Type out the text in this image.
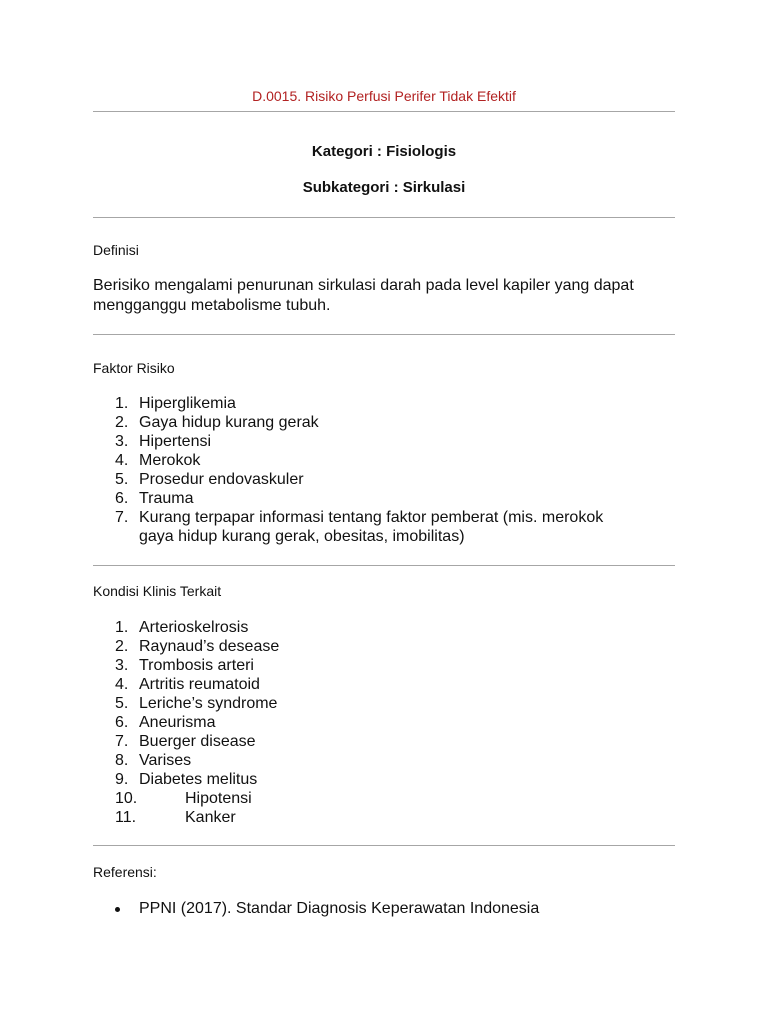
D.0015. Risiko Perfusi Perifer Tidak Efektif
Kategori : Fisiologis
Subkategori : Sirkulasi
Definisi
Berisiko mengalami penurunan sirkulasi darah pada level kapiler yang dapat mengganggu metabolisme tubuh.
Faktor Risiko
1. Hiperglikemia
2. Gaya hidup kurang gerak
3. Hipertensi
4. Merokok
5. Prosedur endovaskuler
6. Trauma
7. Kurang terpapar informasi tentang faktor pemberat (mis. merokok gaya hidup kurang gerak, obesitas, imobilitas)
Kondisi Klinis Terkait
1. Arterioskelrosis
2. Raynaud’s desease
3. Trombosis arteri
4. Artritis reumatoid
5. Leriche’s syndrome
6. Aneurisma
7. Buerger disease
8. Varises
9. Diabetes melitus
10.	Hipotensi
11.	Kanker
Referensi:
PPNI (2017). Standar Diagnosis Keperawatan Indonesia
